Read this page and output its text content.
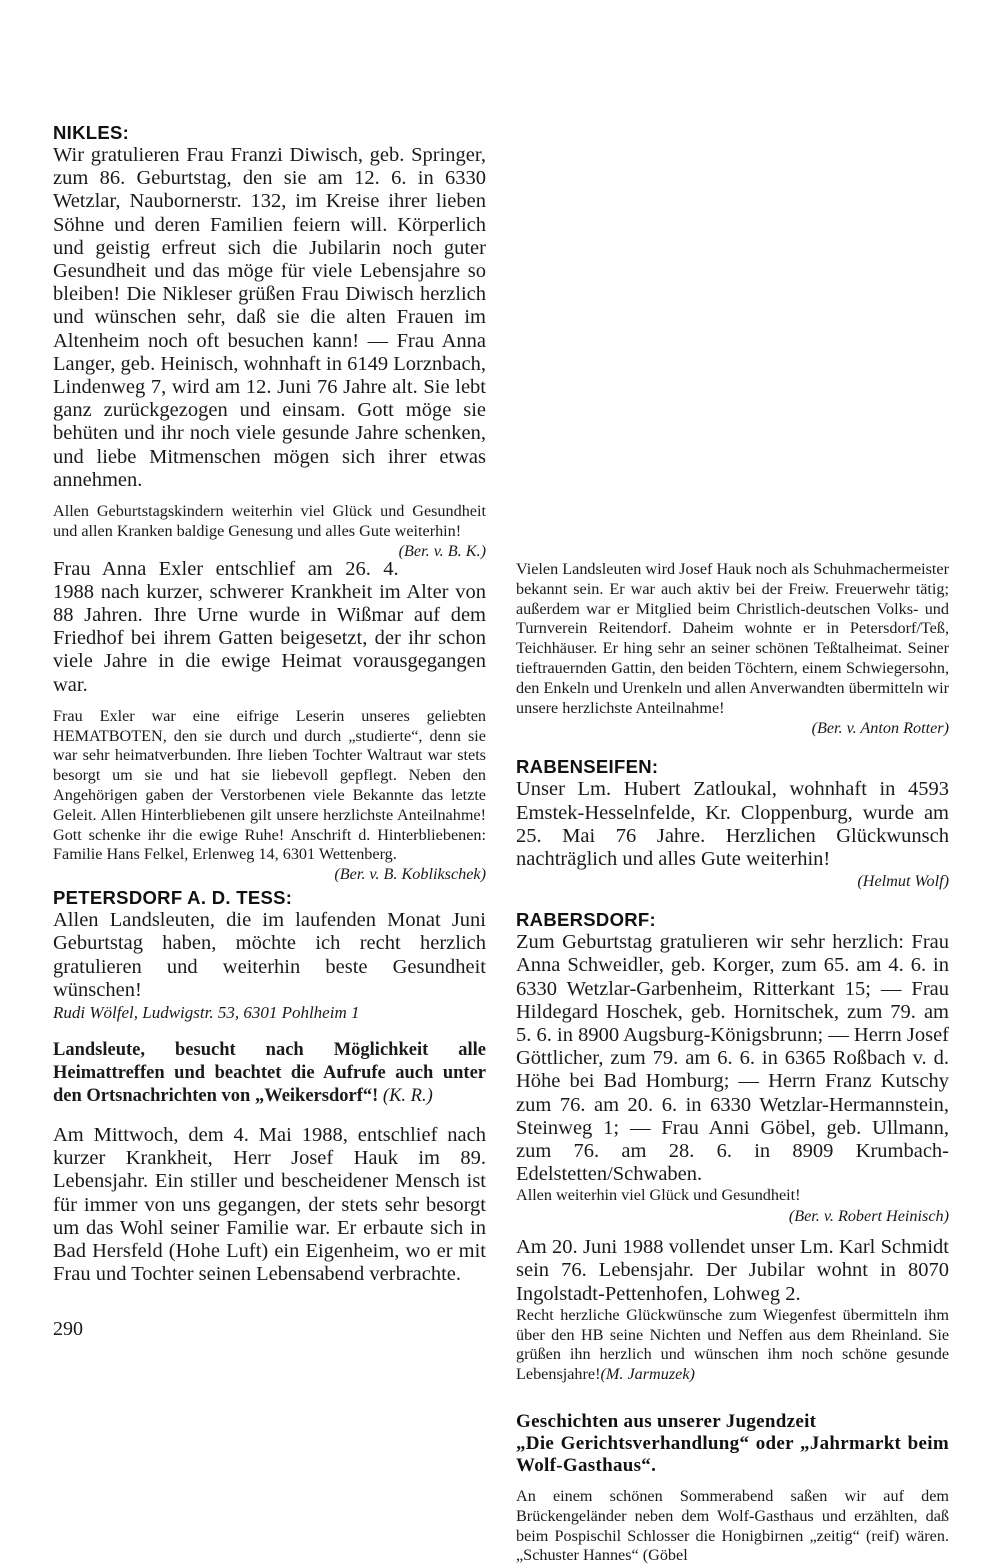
NIKLES:

Wir gratulieren Frau Franzi Diwisch, geb. Springer, zum 86. Geburtstag, den sie am 12. 6. in 6330 Wetzlar, Naubornerstr. 132, im Kreise ihrer lieben Söhne und deren Familien feiern will. Körperlich und geistig erfreut sich die Jubilarin noch guter Gesundheit und das möge für viele Lebensjahre so bleiben! Die Nikleser grüßen Frau Diwisch herzlich und wünschen sehr, daß sie die alten Frauen im Altenheim noch oft besuchen kann! — Frau Anna Langer, geb. Heinisch, wohnhaft in 6149 Lorznbach, Lindenweg 7, wird am 12. Juni 76 Jahre alt. Sie lebt ganz zurückgezogen und einsam. Gott möge sie behüten und ihr noch viele gesunde Jahre schenken, und liebe Mitmenschen mögen sich ihrer etwas annehmen.

Allen Geburtstagskindern weiterhin viel Glück und Gesundheit und allen Kranken baldige Genesung und alles Gute weiterhin!
(Ber. v. B. K.)

Frau Anna Exler entschlief am 26. 4. 1988 nach kurzer, schwerer Krankheit im Alter von 88 Jahren. Ihre Urne wurde in Wißmar auf dem Friedhof bei ihrem Gatten beigesetzt, der ihr schon viele Jahre in die ewige Heimat vorausgegangen war.

Frau Exler war eine eifrige Leserin unseres geliebten HEMATBOTEN, den sie durch und durch „studierte“, denn sie war sehr heimatverbunden. Ihre lieben Tochter Waltraut war stets besorgt um sie und hat sie liebevoll gepflegt. Neben den Angehörigen gaben der Verstorbenen viele Bekannte das letzte Geleit. Allen Hinterbliebenen gilt unsere herzlichste Anteilnahme! Gott schenke ihr die ewige Ruhe! Anschrift d. Hinterbliebenen: Familie Hans Felkel, Erlenweg 14, 6301 Wettenberg.
(Ber. v. B. Koblikschek)

PETERSDORF A. D. TESS:

Allen Landsleuten, die im laufenden Monat Juni Geburtstag haben, möchte ich recht herzlich gratulieren und weiterhin beste Gesundheit wünschen!

Rudi Wölfel, Ludwigstr. 53, 6301 Pohlheim 1

Landsleute, besucht nach Möglichkeit alle Heimattreffen und beachtet die Aufrufe auch unter den Ortsnachrichten von „Weikersdorf“! (K. R.)

Am Mittwoch, dem 4. Mai 1988, entschlief nach kurzer Krankheit, Herr Josef Hauk im 89. Lebensjahr. Ein stiller und bescheidener Mensch ist für immer von uns gegangen, der stets sehr besorgt um das Wohl seiner Familie war. Er erbaute sich in Bad Hersfeld (Hohe Luft) ein Eigenheim, wo er mit Frau und Tochter seinen Lebensabend verbrachte.

Vielen Landsleuten wird Josef Hauk noch als Schuhmachermeister bekannt sein. Er war auch aktiv bei der Freiw. Freuerwehr tätig; außerdem war er Mitglied beim Christlich-deutschen Volks- und Turnverein Reitendorf. Daheim wohnte er in Petersdorf/Teß, Teichhäuser. Er hing sehr an seiner schönen Teßtalheimat. Seiner tieftrauernden Gattin, den beiden Töchtern, einem Schwiegersohn, den Enkeln und Urenkeln und allen Anverwandten übermitteln wir unsere herzlichste Anteilnahme!

(Ber. v. Anton Rotter)
RABENSEIFEN:

Unser Lm. Hubert Zatloukal, wohnhaft in 4593 Emstek-Hesselnfelde, Kr. Cloppenburg, wurde am 25. Mai 76 Jahre. Herzlichen Glückwunsch nachträglich und alles Gute weiterhin!

(Helmut Wolf)
RABERSDORF:

Zum Geburtstag gratulieren wir sehr herzlich: Frau Anna Schweidler, geb. Korger, zum 65. am 4. 6. in 6330 Wetzlar-Garbenheim, Ritterkant 15; — Frau Hildegard Hoschek, geb. Hornitschek, zum 79. am 5. 6. in 8900 Augsburg-Königsbrunn; — Herrn Josef Göttlicher, zum 79. am 6. 6. in 6365 Roßbach v. d. Höhe bei Bad Homburg; — Herrn Franz Kutschy zum 76. am 20. 6. in 6330 Wetzlar-Hermannstein, Steinweg 1; — Frau Anni Göbel, geb. Ullmann, zum 76. am 28. 6. in 8909 Krumbach-Edelstetten/Schwaben.

Allen weiterhin viel Glück und Gesundheit!

(Ber. v. Robert Heinisch)

Am 20. Juni 1988 vollendet unser Lm. Karl Schmidt sein 76. Lebensjahr. Der Jubilar wohnt in 8070 Ingolstadt-Pettenhofen, Lohweg 2.

Recht herzliche Glückwünsche zum Wiegenfest übermitteln ihm über den HB seine Nichten und Neffen aus dem Rheinland. Sie grüßen ihn herzlich und wünschen ihm noch schöne gesunde Lebensjahre!(M. Jarmuzek)

Geschichten aus unserer Jugendzeit
„Die Gerichtsverhandlung“ oder „Jahrmarkt beim Wolf-Gasthaus“.

An einem schönen Sommerabend saßen wir auf dem Brückengeländer neben dem Wolf-Gasthaus und erzählten, daß beim Pospischil Schlosser die Honigbirnen „zeitig“ (reif) wären. „Schuster Hannes“ (Göbel

290
